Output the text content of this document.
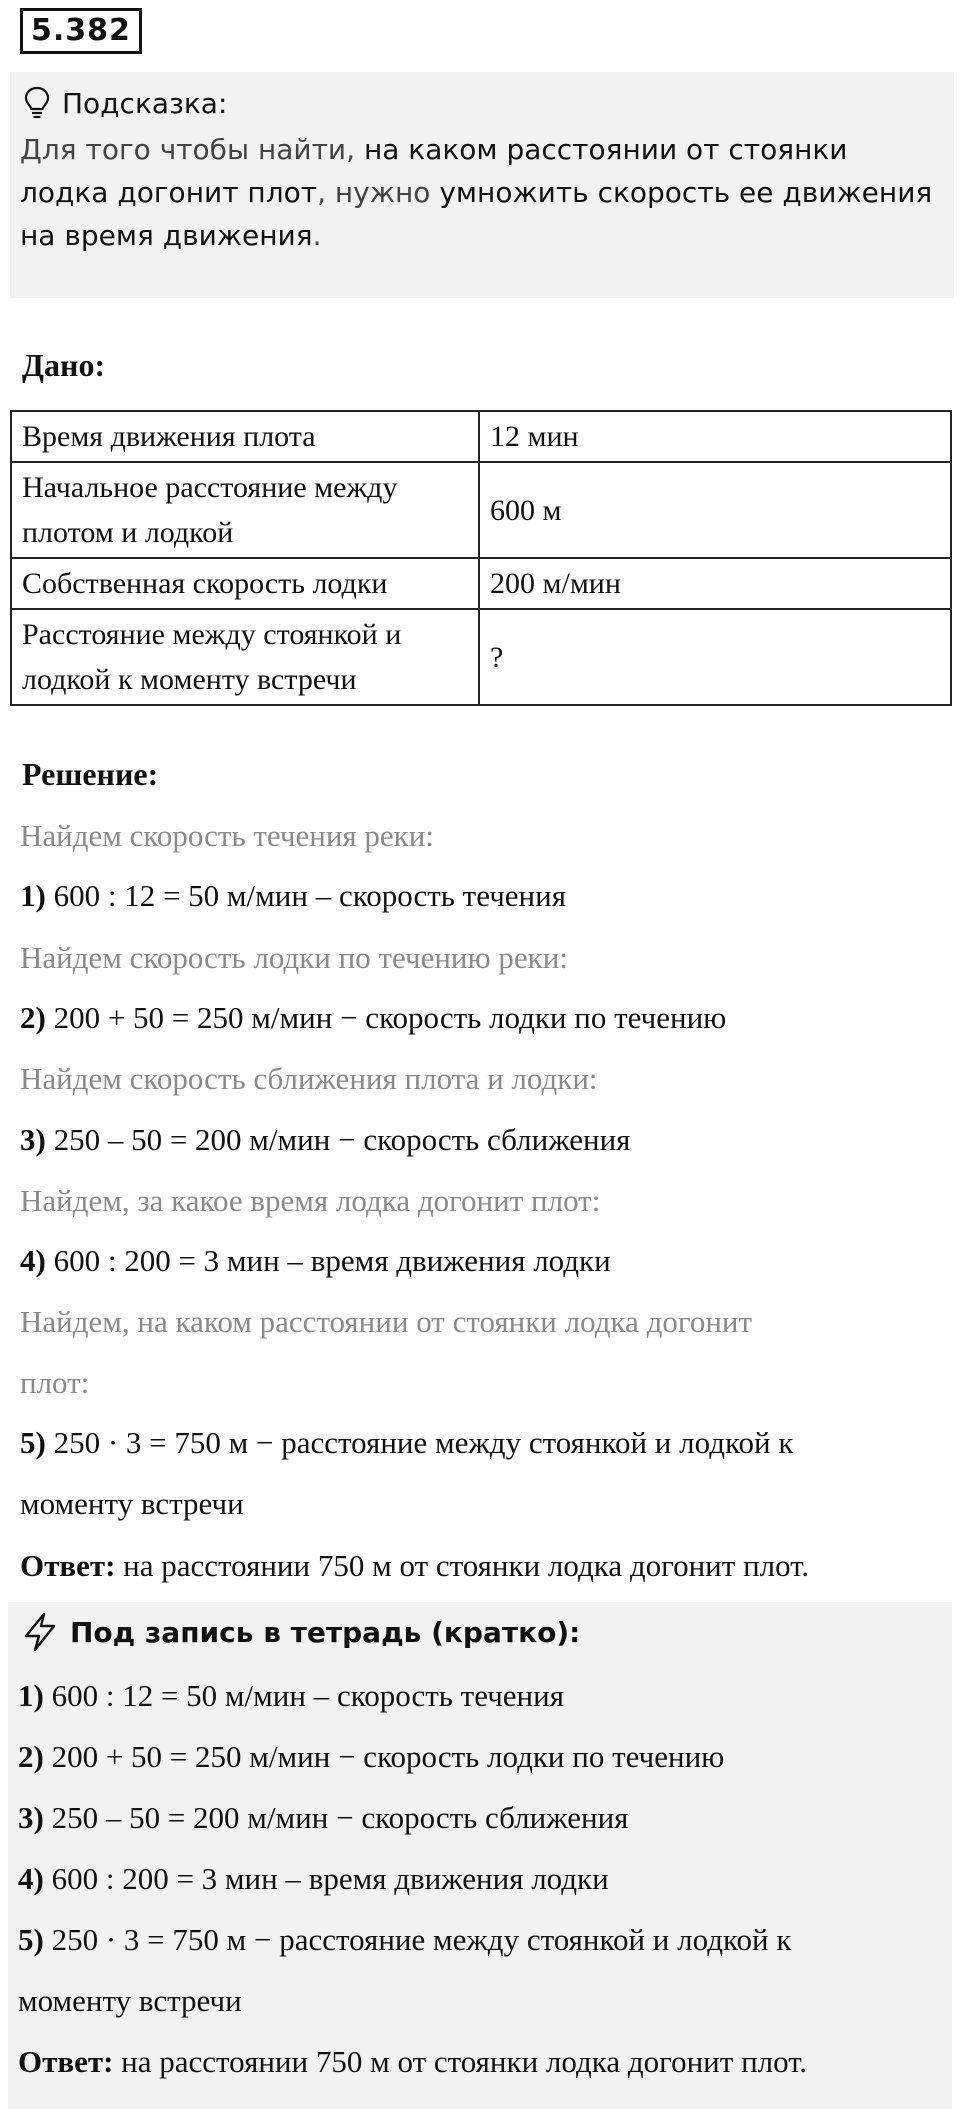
5.382
Подсказка:
Для того чтобы найти, на каком расстоянии от стоянки лодка догонит плот, нужно умножить скорость ее движения на время движения.
Дано:
Время движения плота	12 мин
Начальное расстояние между плотом и лодкой	600 м
Собственная скорость лодки	200 м/мин
Расстояние между стоянкой и лодкой к моменту встречи	?
Решение:
Найдем скорость течения реки:
1) 600 : 12 = 50 м/мин – скорость течения
Найдем скорость лодки по течению реки:
2) 200 + 50 = 250 м/мин − скорость лодки по течению
Найдем скорость сближения плота и лодки:
3) 250 – 50 = 200 м/мин − скорость сближения
Найдем, за какое время лодка догонит плот:
4) 600 : 200 = 3 мин – время движения лодки
Найдем, на каком расстоянии от стоянки лодка догонит
плот:
5) 250 · 3 = 750 м − расстояние между стоянкой и лодкой к
моменту встречи
Ответ: на расстоянии 750 м от стоянки лодка догонит плот.
Под запись в тетрадь (кратко):
1) 600 : 12 = 50 м/мин – скорость течения
2) 200 + 50 = 250 м/мин − скорость лодки по течению
3) 250 – 50 = 200 м/мин − скорость сближения
4) 600 : 200 = 3 мин – время движения лодки
5) 250 · 3 = 750 м − расстояние между стоянкой и лодкой к
моменту встречи
Ответ: на расстоянии 750 м от стоянки лодка догонит плот.
